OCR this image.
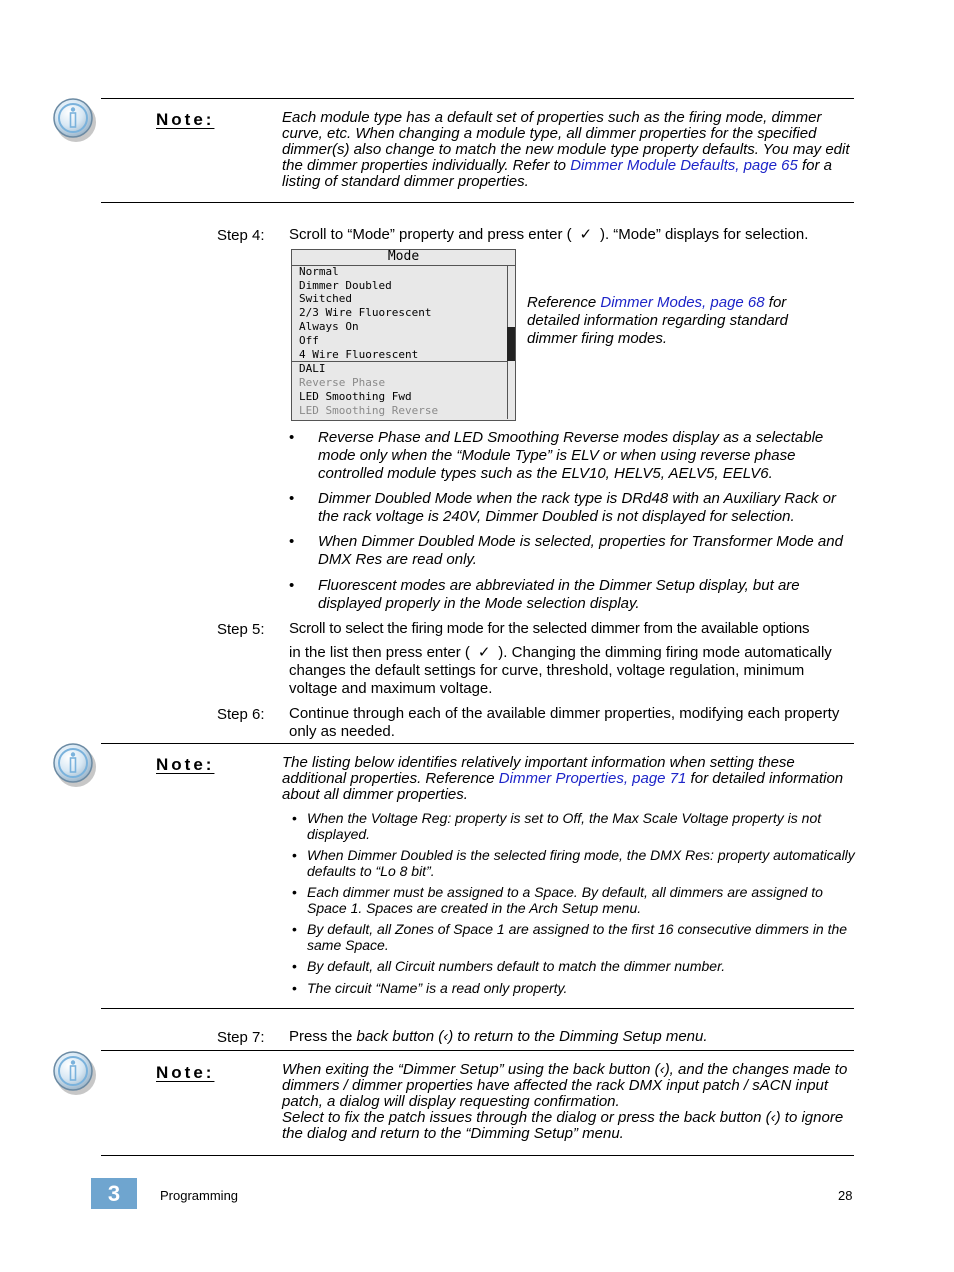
Note:	Each module type has a default set of properties such as the firing mode, dimmer curve, etc. When changing a module type, all dimmer properties for the specified dimmer(s) also change to match the new module type property defaults. You may edit the dimmer properties individually. Refer to Dimmer Module Defaults, page 65 for a listing of standard dimmer properties.
Step 4: Scroll to “Mode” property and press enter ( ✓ ). “Mode” displays for selection.
Mode
Normal
Dimmer Doubled
Switched
2/3 Wire Fluorescent
Always On
Off
4 Wire Fluorescent
DALI
Reverse Phase
LED Smoothing Fwd
LED Smoothing Reverse
Reference Dimmer Modes, page 68 for detailed information regarding standard dimmer firing modes.
• Reverse Phase and LED Smoothing Reverse modes display as a selectable mode only when the “Module Type” is ELV or when using reverse phase controlled module types such as the ELV10, HELV5, AELV5, EELV6.
• Dimmer Doubled Mode when the rack type is DRd48 with an Auxiliary Rack or the rack voltage is 240V, Dimmer Doubled is not displayed for selection.
• When Dimmer Doubled Mode is selected, properties for Transformer Mode and DMX Res are read only.
• Fluorescent modes are abbreviated in the Dimmer Setup display, but are displayed properly in the Mode selection display.
Step 5: Scroll to select the firing mode for the selected dimmer from the available options
in the list then press enter ( ✓ ). Changing the dimming firing mode automatically changes the default settings for curve, threshold, voltage regulation, minimum voltage and maximum voltage.
Step 6: Continue through each of the available dimmer properties, modifying each property only as needed.
Note:	The listing below identifies relatively important information when setting these additional properties. Reference Dimmer Properties, page 71 for detailed information about all dimmer properties.
• When the Voltage Reg: property is set to Off, the Max Scale Voltage property is not displayed.
• When Dimmer Doubled is the selected firing mode, the DMX Res: property automatically defaults to “Lo 8 bit”.
• Each dimmer must be assigned to a Space. By default, all dimmers are assigned to Space 1. Spaces are created in the Arch Setup menu.
• By default, all Zones of Space 1 are assigned to the first 16 consecutive dimmers in the same Space.
• By default, all Circuit numbers default to match the dimmer number.
• The circuit “Name” is a read only property.
Step 7: Press the back button (‹) to return to the Dimming Setup menu.
Note:	When exiting the “Dimmer Setup” using the back button (‹), and the changes made to dimmers / dimmer properties have affected the rack DMX input patch / sACN input patch, a dialog will display requesting confirmation.
Select to fix the patch issues through the dialog or press the back button (‹) to ignore the dialog and return to the “Dimming Setup” menu.
3	Programming	28
